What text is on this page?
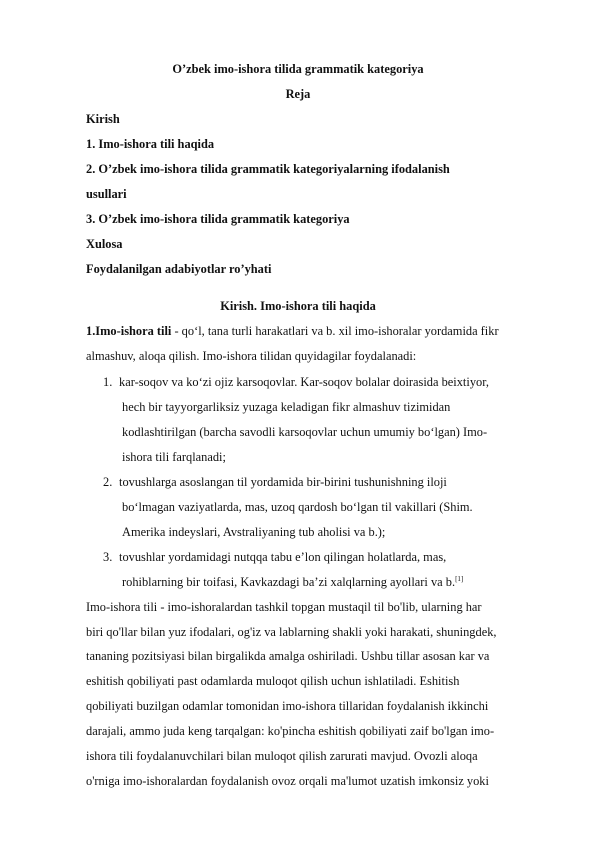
O’zbek imo-ishora tilida grammatik kategoriya
Reja
Kirish
1. Imo-ishora tili haqida
2. O’zbek imo-ishora tilida grammatik kategoriyalarning ifodalanish
usullari
3. O’zbek imo-ishora tilida grammatik kategoriya
Xulosa
Foydalanilgan adabiyotlar ro’yhati
Kirish. Imo-ishora tili haqida
1.Imo-ishora tili - qo‘l, tana turli harakatlari va b. xil imo-ishoralar yordamida fikr
almashuv, aloqa qilish. Imo-ishora tilidan quyidagilar foydalanadi:
1. kar-soqov va ko‘zi ojiz karsoqovlar. Kar-soqov bolalar doirasida beixtiyor,
hech bir tayyorgarliksiz yuzaga keladigan fikr almashuv tizimidan
kodlashtirilgan (barcha savodli karsoqovlar uchun umumiy bo‘lgan) Imo-
ishora tili farqlanadi;
2. tovushlarga asoslangan til yordamida bir-birini tushunishning iloji
bo‘lmagan vaziyatlarda, mas, uzoq qardosh bo‘lgan til vakillari (Shim.
Amerika indeyslari, Avstraliyaning tub aholisi va b.);
3. tovushlar yordamidagi nutqqa tabu e’lon qilingan holatlarda, mas,
rohiblarning bir toifasi, Kavkazdagi ba’zi xalqlarning ayollari va b.[1]
Imo-ishora tili - imo-ishoralardan tashkil topgan mustaqil til bo'lib, ularning har
biri qo'llar bilan yuz ifodalari, og'iz va lablarning shakli yoki harakati, shuningdek,
tananing pozitsiyasi bilan birgalikda amalga oshiriladi. Ushbu tillar asosan kar va
eshitish qobiliyati past odamlarda muloqot qilish uchun ishlatiladi. Eshitish
qobiliyati buzilgan odamlar tomonidan imo-ishora tillaridan foydalanish ikkinchi
darajali, ammo juda keng tarqalgan: ko'pincha eshitish qobiliyati zaif bo'lgan imo-
ishora tili foydalanuvchilari bilan muloqot qilish zarurati mavjud. Ovozli aloqa
o'rniga imo-ishoralardan foydalanish ovoz orqali ma'lumot uzatish imkonsiz yoki
